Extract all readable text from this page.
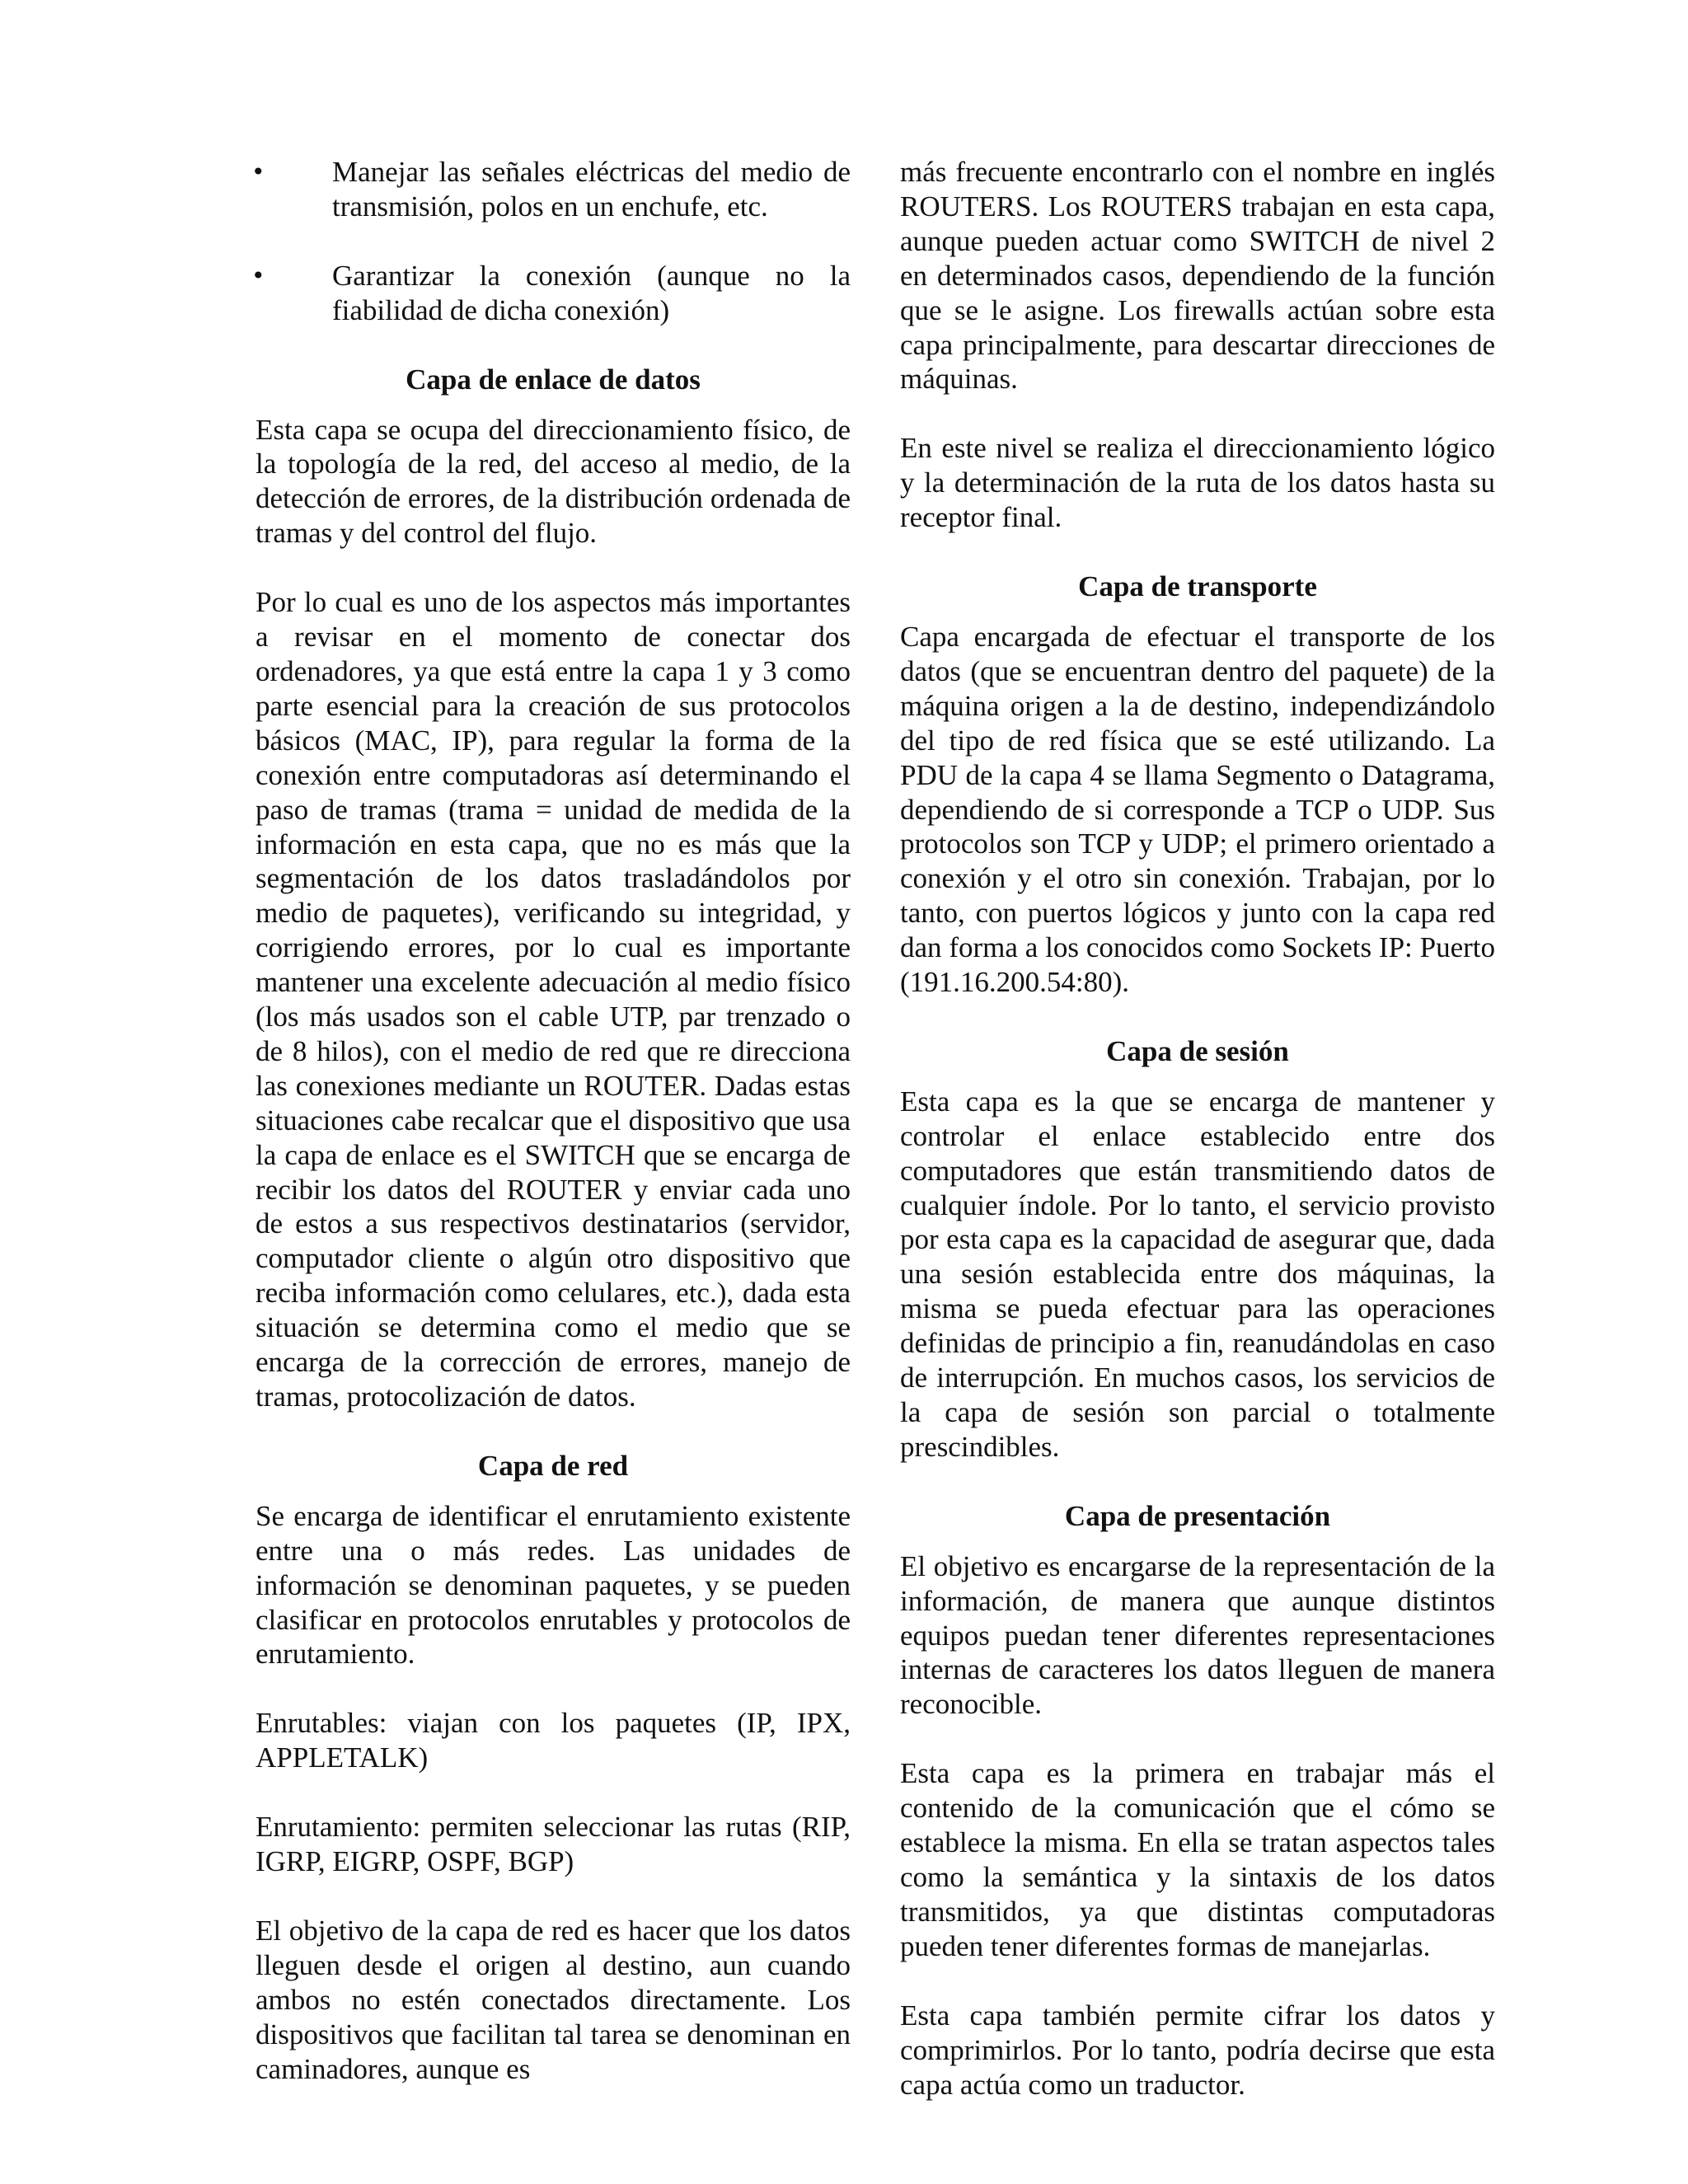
• Manejar las señales eléctricas del medio de transmisión, polos en un enchufe, etc.
• Garantizar la conexión (aunque no la fiabilidad de dicha conexión)
Capa de enlace de datos

Esta capa se ocupa del direccionamiento físico, de la topología de la red, del acceso al medio, de la detección de errores, de la distribución ordenada de tramas y del control del flujo.

Por lo cual es uno de los aspectos más importantes a revisar en el momento de conectar dos ordenadores, ya que está entre la capa 1 y 3 como parte esencial para la creación de sus protocolos básicos (MAC, IP), para regular la forma de la conexión entre computadoras así determinando el paso de tramas (trama = unidad de medida de la información en esta capa, que no es más que la segmentación de los datos trasladándolos por medio de paquetes), verificando su integridad, y corrigiendo errores, por lo cual es importante mantener una excelente adecuación al medio físico (los más usados son el cable UTP, par trenzado o de 8 hilos), con el medio de red que re direcciona las conexiones mediante un ROUTER. Dadas estas situaciones cabe recalcar que el dispositivo que usa la capa de enlace es el SWITCH que se encarga de recibir los datos del ROUTER y enviar cada uno de estos a sus respectivos destinatarios (servidor, computador cliente o algún otro dispositivo que reciba información como celulares, etc.), dada esta situación se determina como el medio que se encarga de la corrección de errores, manejo de tramas, protocolización de datos.

Capa de red

Se encarga de identificar el enrutamiento existente entre una o más redes. Las unidades de información se denominan paquetes, y se pueden clasificar en protocolos enrutables y protocolos de enrutamiento.

Enrutables: viajan con los paquetes (IP, IPX, APPLETALK)

Enrutamiento: permiten seleccionar las rutas (RIP, IGRP, EIGRP, OSPF, BGP)

El objetivo de la capa de red es hacer que los datos lleguen desde el origen al destino, aun cuando ambos no estén conectados directamente. Los dispositivos que facilitan tal tarea se denominan en caminadores, aunque es

más frecuente encontrarlo con el nombre en inglés ROUTERS. Los ROUTERS trabajan en esta capa, aunque pueden actuar como SWITCH de nivel 2 en determinados casos, dependiendo de la función que se le asigne. Los firewalls actúan sobre esta capa principalmente, para descartar direcciones de máquinas.

En este nivel se realiza el direccionamiento lógico y la determinación de la ruta de los datos hasta su receptor final.

Capa de transporte

Capa encargada de efectuar el transporte de los datos (que se encuentran dentro del paquete) de la máquina origen a la de destino, independizándolo del tipo de red física que se esté utilizando. La PDU de la capa 4 se llama Segmento o Datagrama, dependiendo de si corresponde a TCP o UDP. Sus protocolos son TCP y UDP; el primero orientado a conexión y el otro sin conexión. Trabajan, por lo tanto, con puertos lógicos y junto con la capa red dan forma a los conocidos como Sockets IP: Puerto (191.16.200.54:80).

Capa de sesión

Esta capa es la que se encarga de mantener y controlar el enlace establecido entre dos computadores que están transmitiendo datos de cualquier índole. Por lo tanto, el servicio provisto por esta capa es la capacidad de asegurar que, dada una sesión establecida entre dos máquinas, la misma se pueda efectuar para las operaciones definidas de principio a fin, reanudándolas en caso de interrupción. En muchos casos, los servicios de la capa de sesión son parcial o totalmente prescindibles.

Capa de presentación

El objetivo es encargarse de la representación de la información, de manera que aunque distintos equipos puedan tener diferentes representaciones internas de caracteres los datos lleguen de manera reconocible.

Esta capa es la primera en trabajar más el contenido de la comunicación que el cómo se establece la misma. En ella se tratan aspectos tales como la semántica y la sintaxis de los datos transmitidos, ya que distintas computadoras pueden tener diferentes formas de manejarlas.

Esta capa también permite cifrar los datos y comprimirlos. Por lo tanto, podría decirse que esta capa actúa como un traductor.
